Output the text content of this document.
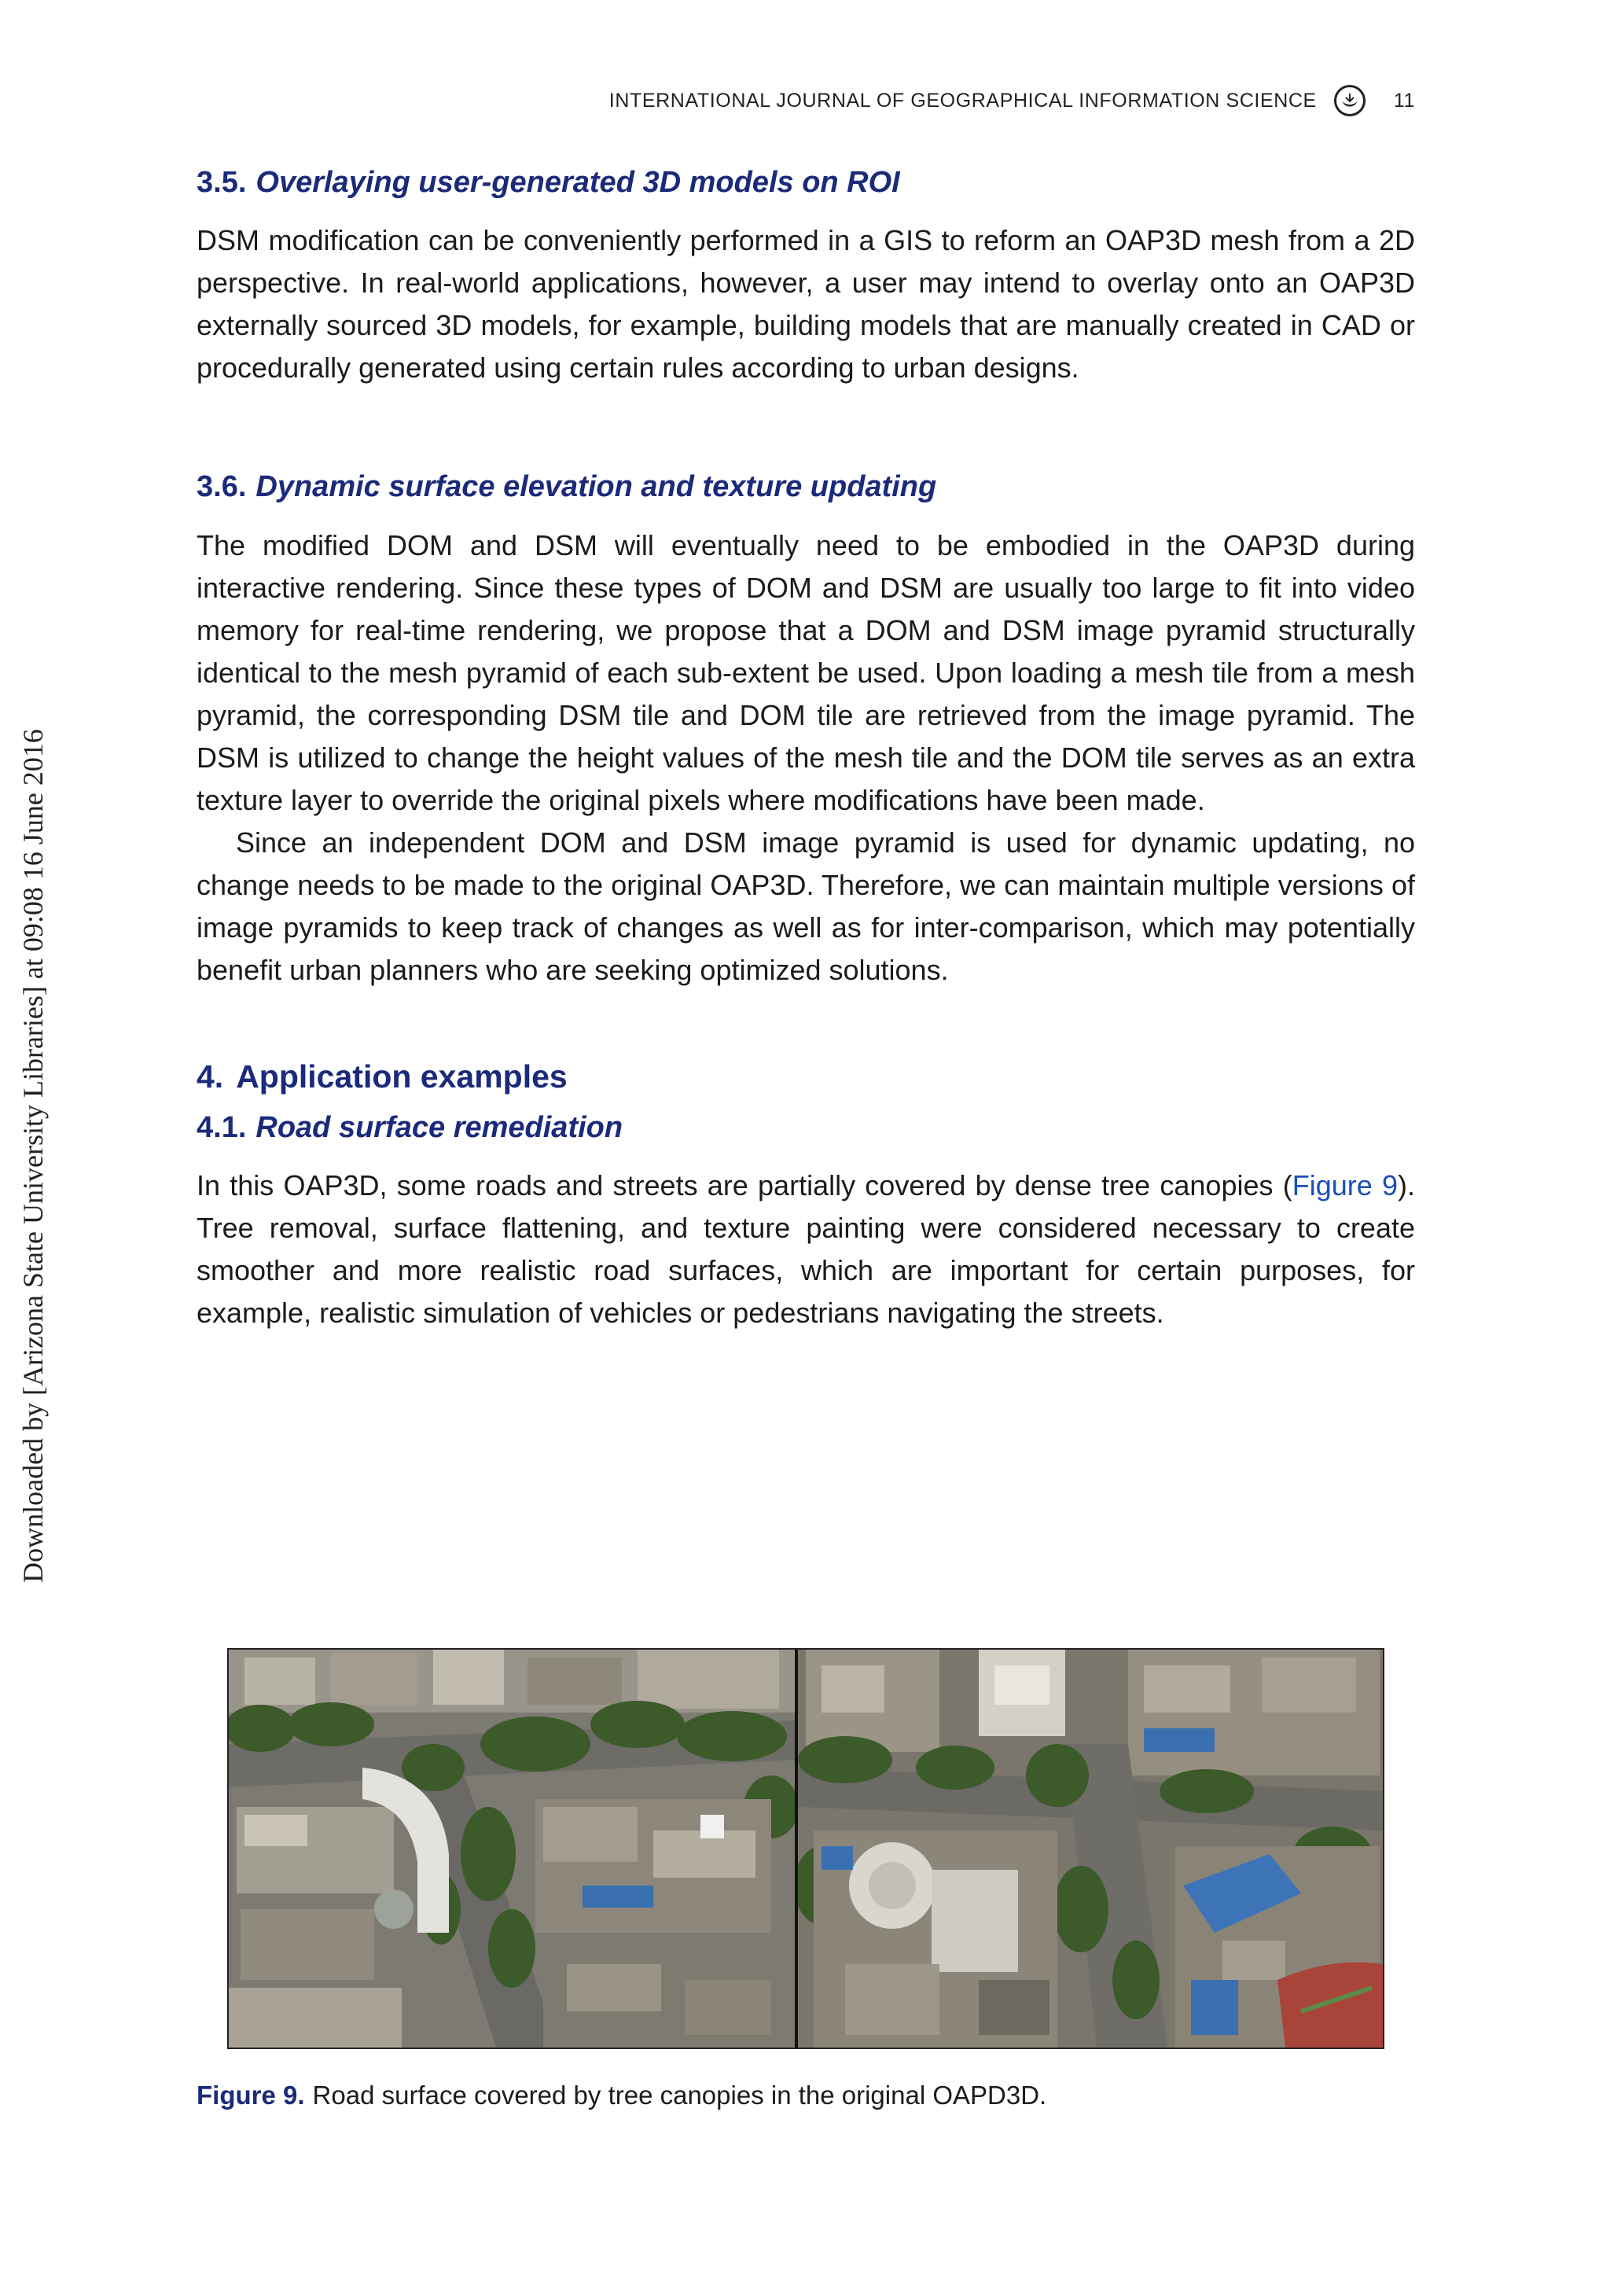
Downloaded by [Arizona State University Libraries] at 09:08 16 June 2016
INTERNATIONAL JOURNAL OF GEOGRAPHICAL INFORMATION SCIENCE	11
3.5. Overlaying user-generated 3D models on ROI

DSM modification can be conveniently performed in a GIS to reform an OAP3D mesh from a 2D perspective. In real-world applications, however, a user may intend to overlay onto an OAP3D externally sourced 3D models, for example, building models that are manually created in CAD or procedurally generated using certain rules according to urban designs.

3.6. Dynamic surface elevation and texture updating

The modified DOM and DSM will eventually need to be embodied in the OAP3D during interactive rendering. Since these types of DOM and DSM are usually too large to fit into video memory for real-time rendering, we propose that a DOM and DSM image pyramid structurally identical to the mesh pyramid of each sub-extent be used. Upon loading a mesh tile from a mesh pyramid, the corresponding DSM tile and DOM tile are retrieved from the image pyramid. The DSM is utilized to change the height values of the mesh tile and the DOM tile serves as an extra texture layer to override the original pixels where modifications have been made.

Since an independent DOM and DSM image pyramid is used for dynamic updating, no change needs to be made to the original OAP3D. Therefore, we can maintain multiple versions of image pyramids to keep track of changes as well as for inter-comparison, which may potentially benefit urban planners who are seeking optimized solutions.

4. Application examples
4.1. Road surface remediation

In this OAP3D, some roads and streets are partially covered by dense tree canopies (Figure 9). Tree removal, surface flattening, and texture painting were considered necessary to create smoother and more realistic road surfaces, which are important for certain purposes, for example, realistic simulation of vehicles or pedestrians navigating the streets.

Figure 9. Road surface covered by tree canopies in the original OAPD3D.
